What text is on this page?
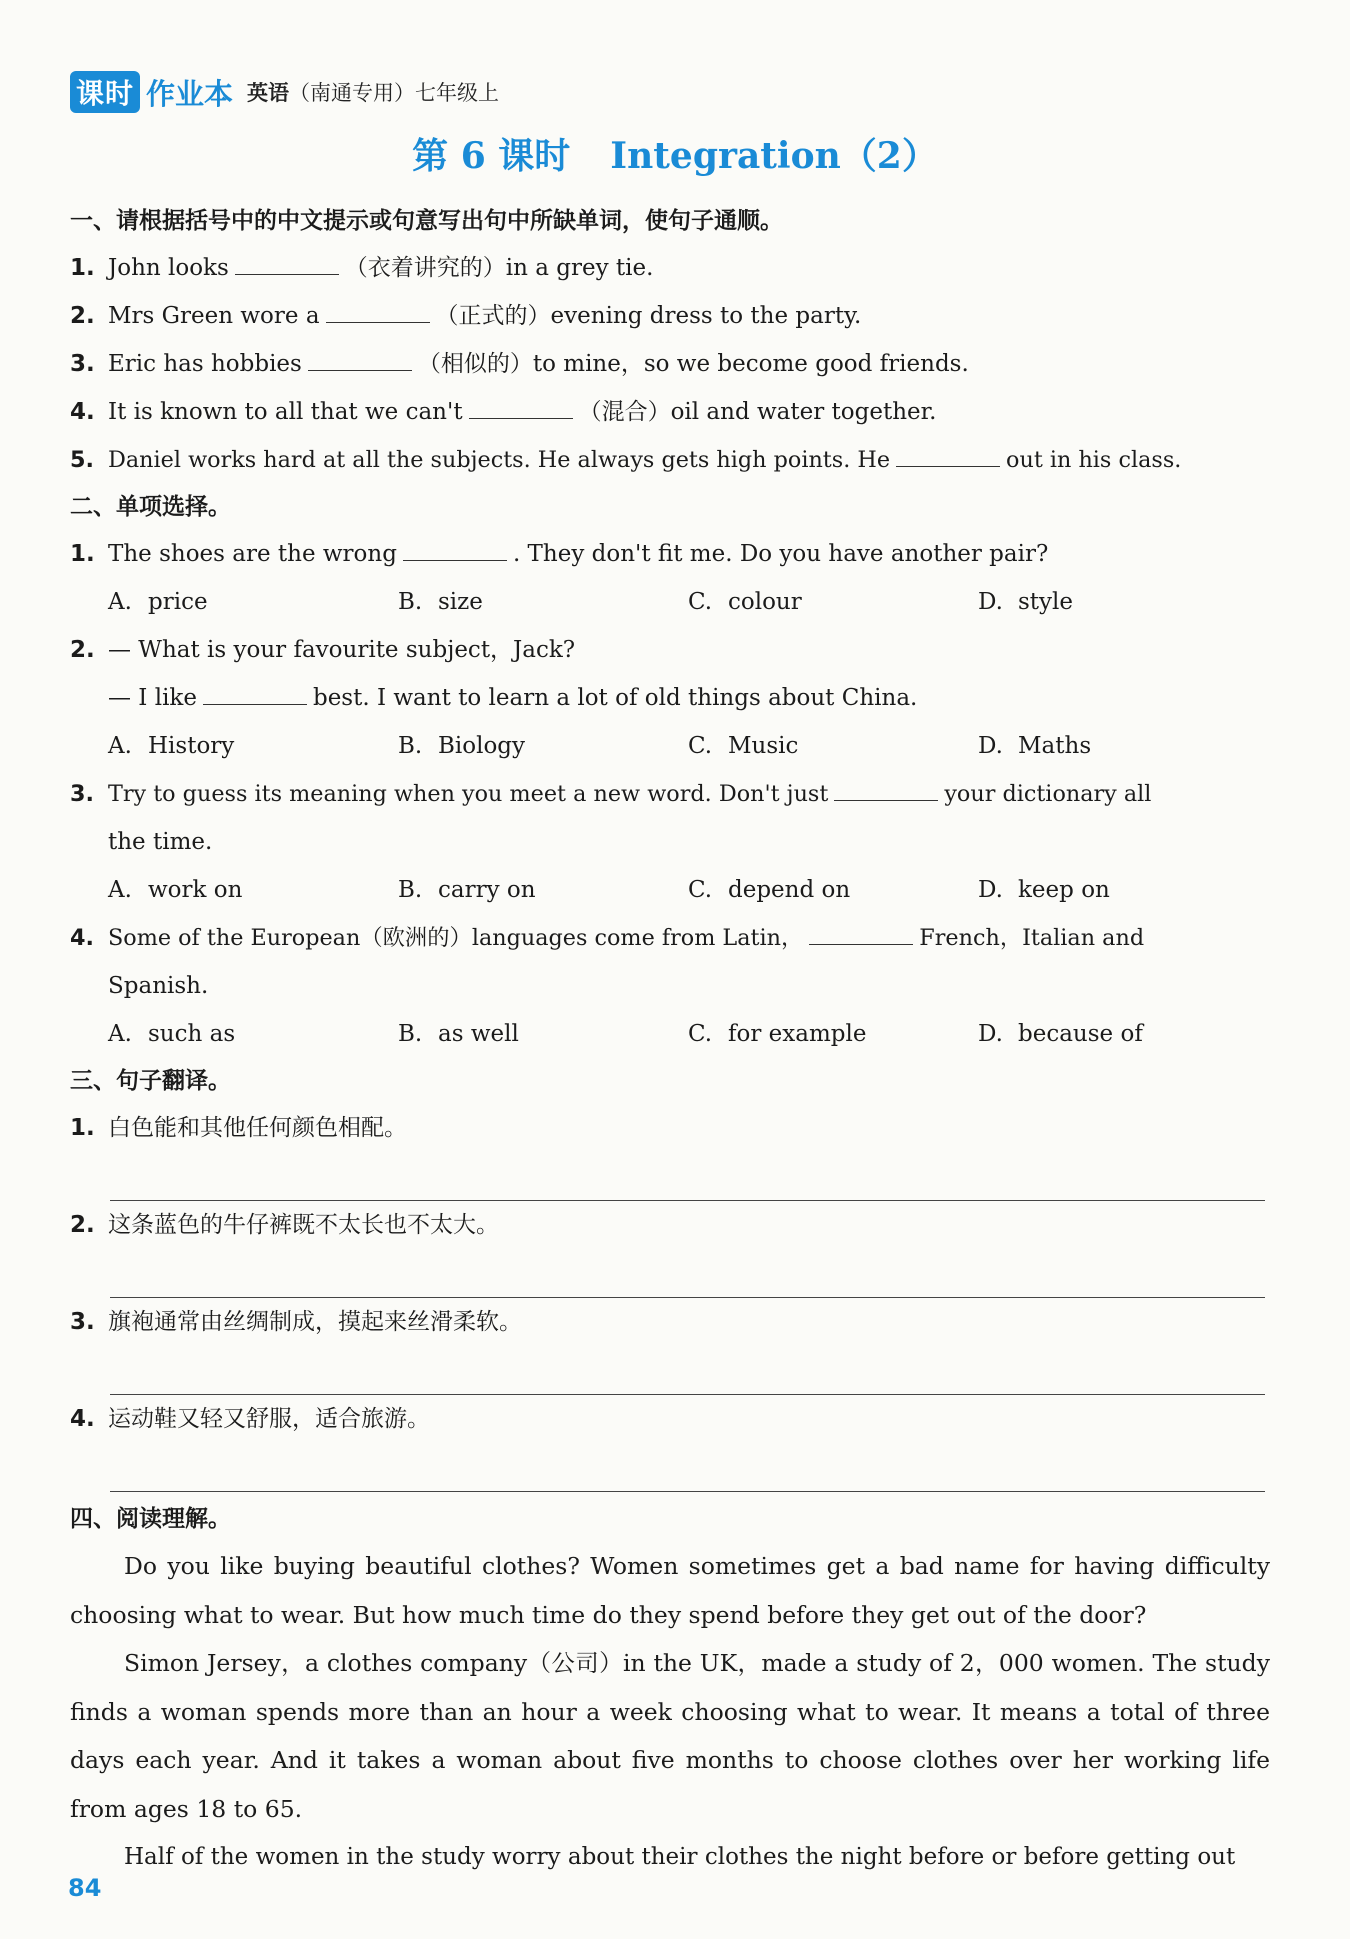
课时 作业本 英语（南通专用）七年级上
第 6 课时 Integration（2）
一、请根据括号中的中文提示或句意写出句中所缺单词，使句子通顺。
1. John looks	（衣着讲究的）in a grey tie.
2. Mrs Green wore a	（正式的）evening dress to the party.
3. Eric has hobbies	（相似的）to mine，so we become good friends.
4. It is known to all that we can't	（混合）oil and water together.
5. Daniel works hard at all the subjects. He always gets high points. He	out in his class.
二、单项选择。
1. The shoes are the wrong	. They don't fit me. Do you have another pair?
A. price	B. size	C. colour	D. style
2. — What is your favourite subject，Jack?
— I like	best. I want to learn a lot of old things about China.
A. History	B. Biology	C. Music	D. Maths
3. Try to guess its meaning when you meet a new word. Don't just	your dictionary all
the time.
A. work on	B. carry on	C. depend on	D. keep on
4. Some of the European（欧洲的）languages come from Latin，	French，Italian and
Spanish.
A. such as	B. as well	C. for example	D. because of
三、句子翻译。
1. 白色能和其他任何颜色相配。
2. 这条蓝色的牛仔裤既不太长也不太大。
3. 旗袍通常由丝绸制成，摸起来丝滑柔软。
4. 运动鞋又轻又舒服，适合旅游。
四、阅读理解。
Do you like buying beautiful clothes? Women sometimes get a bad name for having difficulty choosing what to wear. But how much time do they spend before they get out of the door?
Simon Jersey，a clothes company（公司）in the UK，made a study of 2，000 women. The study finds a woman spends more than an hour a week choosing what to wear. It means a total of three days each year. And it takes a woman about five months to choose clothes over her working life from ages 18 to 65.
Half of the women in the study worry about their clothes the night before or before getting out
84
